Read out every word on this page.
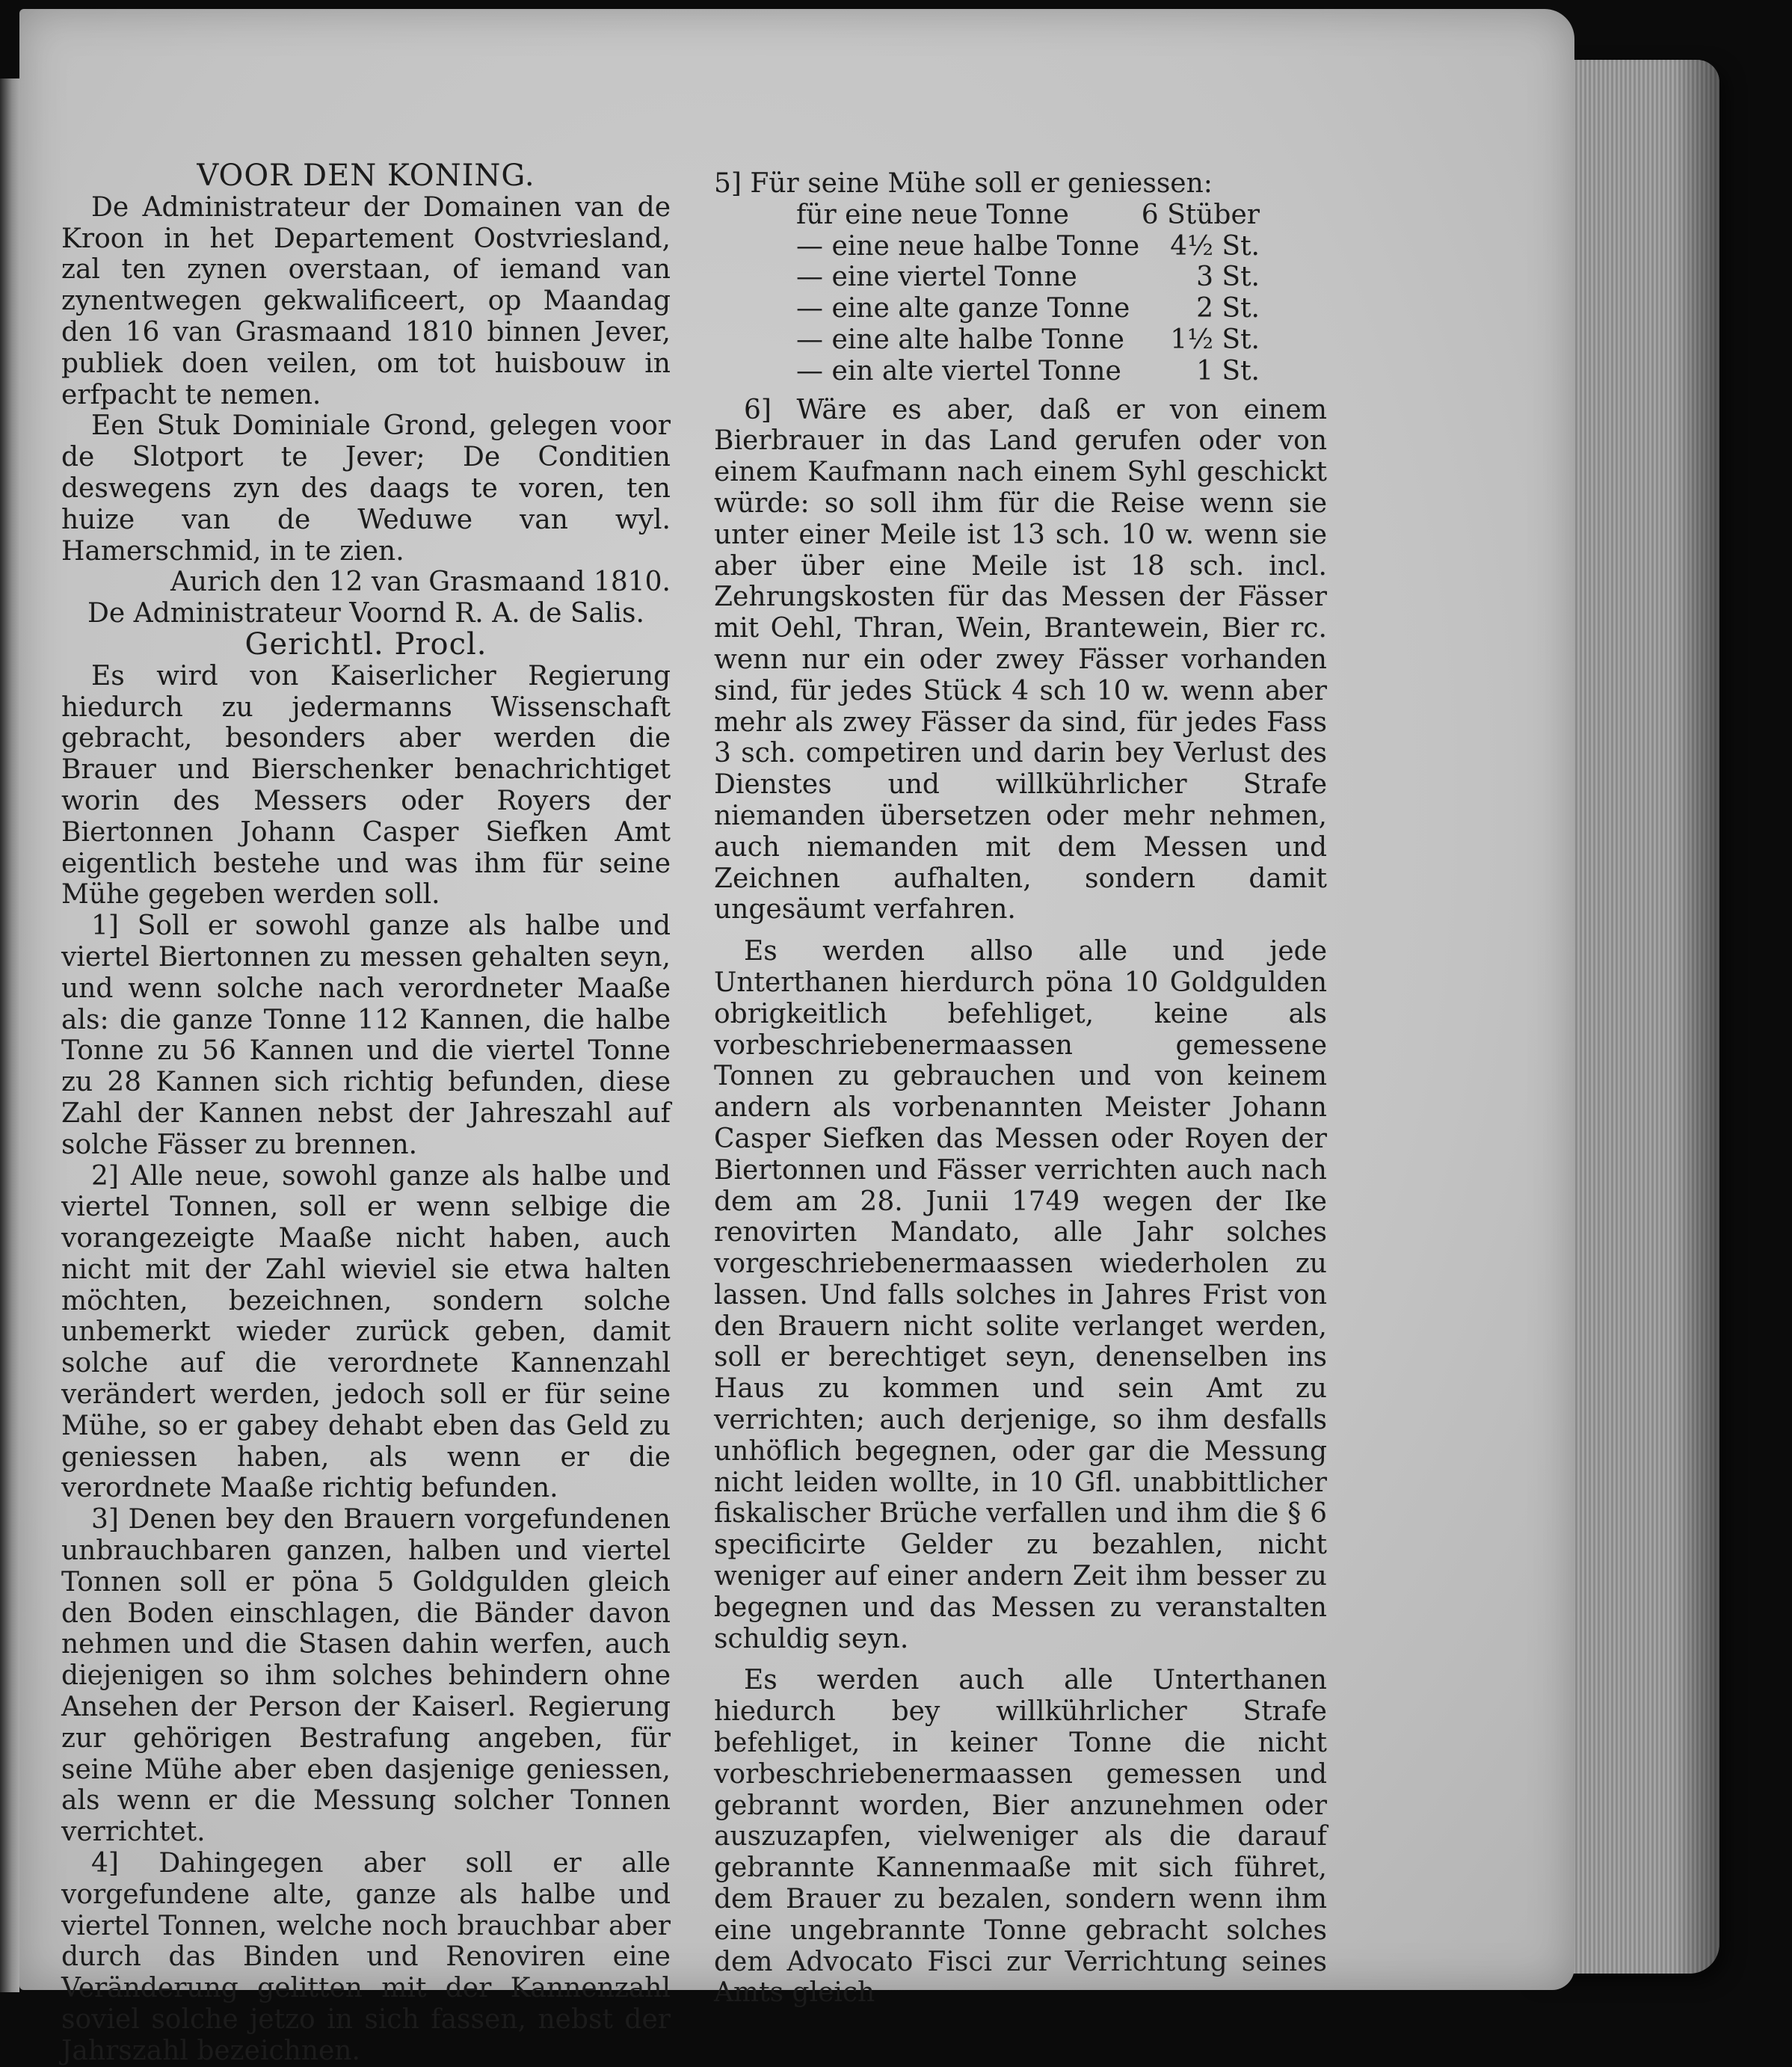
VOOR DEN KONING.

De Administrateur der Domainen van de Kroon in het Departement Oostvriesland, zal ten zynen overstaan, of iemand van zynentwegen gekwalificeert, op Maandag den 16 van Grasmaand 1810 binnen Jever, publiek doen veilen, om tot huisbouw in erfpacht te nemen.

Een Stuk Dominiale Grond, gelegen voor de Slotport te Jever; De Conditien deswegens zyn des daags te voren, ten huize van de Weduwe van wyl. Hamerschmid, in te zien.

Aurich den 12 van Grasmaand 1810.

De Administrateur Voornd R. A. de Salis.

Gerichtl. Procl.

Es wird von Kaiserlicher Regierung hiedurch zu jedermanns Wissenschaft gebracht, besonders aber werden die Brauer und Bierschenker benachrichtiget worin des Messers oder Royers der Biertonnen Johann Casper Siefken Amt eigentlich bestehe und was ihm für seine Mühe gegeben werden soll.

1] Soll er sowohl ganze als halbe und viertel Biertonnen zu messen gehalten seyn, und wenn solche nach verordneter Maaße als: die ganze Tonne 112 Kannen, die halbe Tonne zu 56 Kannen und die viertel Tonne zu 28 Kannen sich richtig befunden, diese Zahl der Kannen nebst der Jahreszahl auf solche Fässer zu brennen.

2] Alle neue, sowohl ganze als halbe und viertel Tonnen, soll er wenn selbige die vorangezeigte Maaße nicht haben, auch nicht mit der Zahl wieviel sie etwa halten möchten, bezeichnen, sondern solche unbemerkt wieder zurück geben, damit solche auf die verordnete Kannenzahl verändert werden, jedoch soll er für seine Mühe, so er gabey dehabt eben das Geld zu geniessen haben, als wenn er die verordnete Maaße richtig befunden.

3] Denen bey den Brauern vorgefundenen unbrauchbaren ganzen, halben und viertel Tonnen soll er pöna 5 Goldgulden gleich den Boden einschlagen, die Bänder davon nehmen und die Stasen dahin werfen, auch diejenigen so ihm solches behindern ohne Ansehen der Person der Kaiserl. Regierung zur gehörigen Bestrafung angeben, für seine Mühe aber eben dasjenige geniessen, als wenn er die Messung solcher Tonnen verrichtet.

4] Dahingegen aber soll er alle vorgefundene alte, ganze als halbe und viertel Tonnen, welche noch brauchbar aber durch das Binden und Renoviren eine Veränderung gelitten mit der Kannenzahl soviel solche jetzo in sich fassen, nebst der Jahrszahl bezeichnen.

5] Für seine Mühe soll er geniessen:

für eine neue Tonne	6 Stüber
— eine neue halbe Tonne 4½ St.
— eine viertel Tonne	3 St.
— eine alte ganze Tonne 2 St.
— eine alte halbe Tonne 1½ St.
— ein alte viertel Tonne	1 St.

6] Wäre es aber, daß er von einem Bierbrauer in das Land gerufen oder von einem Kaufmann nach einem Syhl geschickt würde: so soll ihm für die Reise wenn sie unter einer Meile ist 13 sch. 10 w. wenn sie aber über eine Meile ist 18 sch. incl. Zehrungskosten für das Messen der Fässer mit Oehl, Thran, Wein, Brantewein, Bier rc. wenn nur ein oder zwey Fässer vorhanden sind, für jedes Stück 4 sch 10 w. wenn aber mehr als zwey Fässer da sind, für jedes Fass 3 sch. competiren und darin bey Verlust des Dienstes und willkührlicher Strafe niemanden übersetzen oder mehr nehmen, auch niemanden mit dem Messen und Zeichnen aufhalten, sondern damit ungesäumt verfahren.

Es werden allso alle und jede Unterthanen hierdurch pöna 10 Goldgulden obrigkeitlich befehliget, keine als vorbeschriebenermaassen gemessene Tonnen zu gebrauchen und von keinem andern als vorbenannten Meister Johann Casper Siefken das Messen oder Royen der Biertonnen und Fässer verrichten auch nach dem am 28. Junii 1749 wegen der Ike renovirten Mandato, alle Jahr solches vorgeschriebenermaassen wiederholen zu lassen. Und falls solches in Jahres Frist von den Brauern nicht solite verlanget werden, soll er berechtiget seyn, denenselben ins Haus zu kommen und sein Amt zu verrichten; auch derjenige, so ihm desfalls unhöflich begegnen, oder gar die Messung nicht leiden wollte, in 10 Gfl. unabbittlicher fiskalischer Brüche verfallen und ihm die § 6 specificirte Gelder zu bezahlen, nicht weniger auf einer andern Zeit ihm besser zu begegnen und das Messen zu veranstalten schuldig seyn.

Es werden auch alle Unterthanen hiedurch bey willkührlicher Strafe befehliget, in keiner Tonne die nicht vorbeschriebenermaassen gemessen und gebrannt worden, Bier anzunehmen oder auszuzapfen, vielweniger als die darauf gebrannte Kannenmaaße mit sich führet, dem Brauer zu bezalen, sondern wenn ihm eine ungebrannte Tonne gebracht solches dem Advocato Fisci zur Verrichtung seines Amts gleich
